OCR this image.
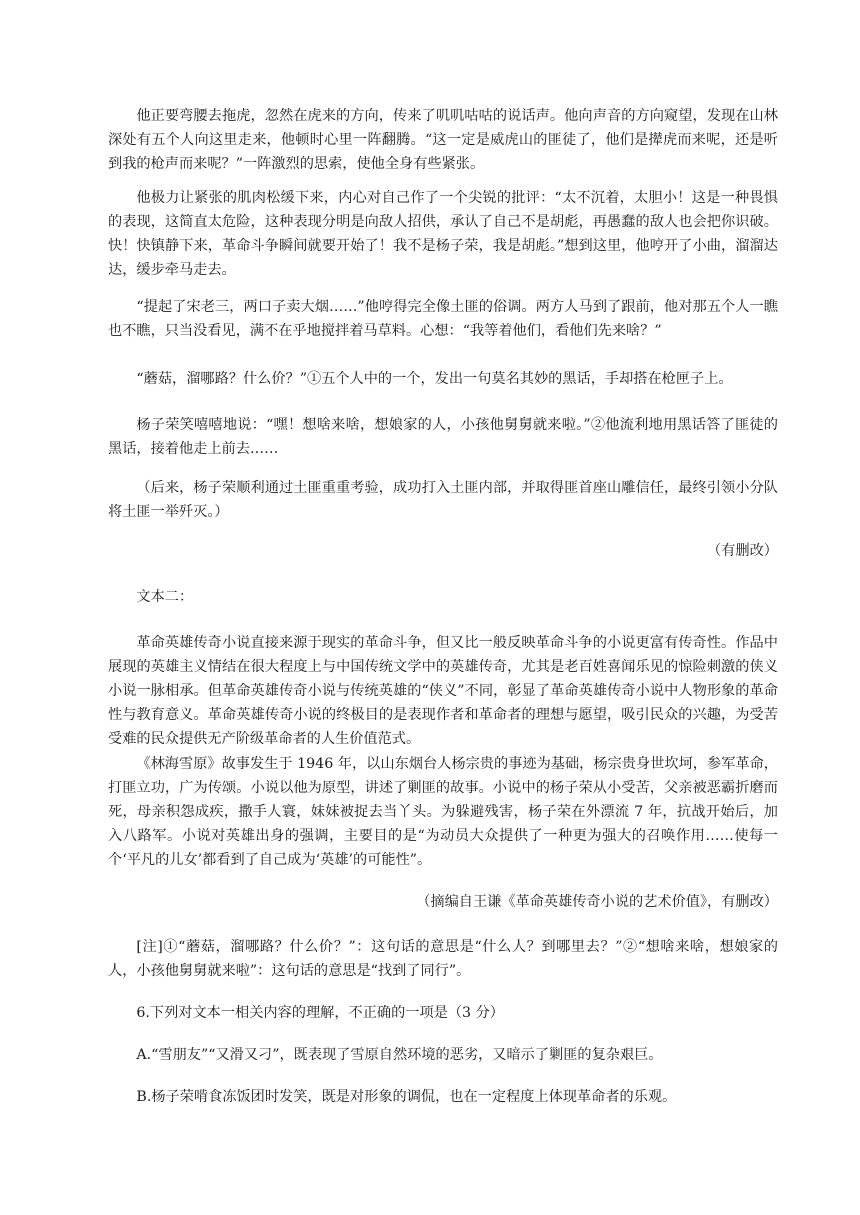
他正要弯腰去拖虎，忽然在虎来的方向，传来了叽叽咕咕的说话声。他向声音的方向窥望，发现在山林深处有五个人向这里走来，他顿时心里一阵翻腾。“这一定是威虎山的匪徒了，他们是撵虎而来呢，还是听到我的枪声而来呢？”一阵激烈的思索，使他全身有些紧张。

他极力让紧张的肌肉松缓下来，内心对自己作了一个尖锐的批评：“太不沉着，太胆小！这是一种畏惧的表现，这简直太危险，这种表现分明是向敌人招供，承认了自己不是胡彪，再愚蠢的敌人也会把你识破。快！快镇静下来，革命斗争瞬间就要开始了！我不是杨子荣，我是胡彪。”想到这里，他哼开了小曲，溜溜达达，缓步牵马走去。

“提起了宋老三，两口子卖大烟……”他哼得完全像土匪的俗调。两方人马到了跟前，他对那五个人一瞧也不瞧，只当没看见，满不在乎地搅拌着马草料。心想：“我等着他们，看他们先来啥？”

“蘑菇，溜哪路？什么价？”①五个人中的一个，发出一句莫名其妙的黑话，手却搭在枪匣子上。

杨子荣笑嘻嘻地说：“嘿！想啥来啥，想娘家的人，小孩他舅舅就来啦。”②他流利地用黑话答了匪徒的黑话，接着他走上前去……

（后来，杨子荣顺利通过土匪重重考验，成功打入土匪内部，并取得匪首座山雕信任，最终引领小分队将土匪一举歼灭。）

（有删改）

文本二：

革命英雄传奇小说直接来源于现实的革命斗争，但又比一般反映革命斗争的小说更富有传奇性。作品中展现的英雄主义情结在很大程度上与中国传统文学中的英雄传奇，尤其是老百姓喜闻乐见的惊险刺激的侠义小说一脉相承。但革命英雄传奇小说与传统英雄的“侠义”不同，彰显了革命英雄传奇小说中人物形象的革命性与教育意义。革命英雄传奇小说的终极目的是表现作者和革命者的理想与愿望，吸引民众的兴趣，为受苦受难的民众提供无产阶级革命者的人生价值范式。

《林海雪原》故事发生于 1946 年，以山东烟台人杨宗贵的事迹为基础，杨宗贵身世坎坷，参军革命，打匪立功，广为传颂。小说以他为原型，讲述了剿匪的故事。小说中的杨子荣从小受苦，父亲被恶霸折磨而死，母亲积怨成疾，撒手人寰，妹妹被捉去当丫头。为躲避残害，杨子荣在外漂流 7 年，抗战开始后，加入八路军。小说对英雄出身的强调，主要目的是“为动员大众提供了一种更为强大的召唤作用……使每一个‘平凡的儿女’都看到了自己成为‘英雄’的可能性”。

（摘编自王谦《革命英雄传奇小说的艺术价值》，有删改）

[注]①“蘑菇，溜哪路？什么价？”：这句话的意思是“什么人？到哪里去？”②“想啥来啥，想娘家的人，小孩他舅舅就来啦”：这句话的意思是“找到了同行”。

6.下列对文本一相关内容的理解，不正确的一项是（3 分）

A.“雪朋友”“又滑又刁”，既表现了雪原自然环境的恶劣，又暗示了剿匪的复杂艰巨。

B.杨子荣啃食冻饭团时发笑，既是对形象的调侃，也在一定程度上体现革命者的乐观。
